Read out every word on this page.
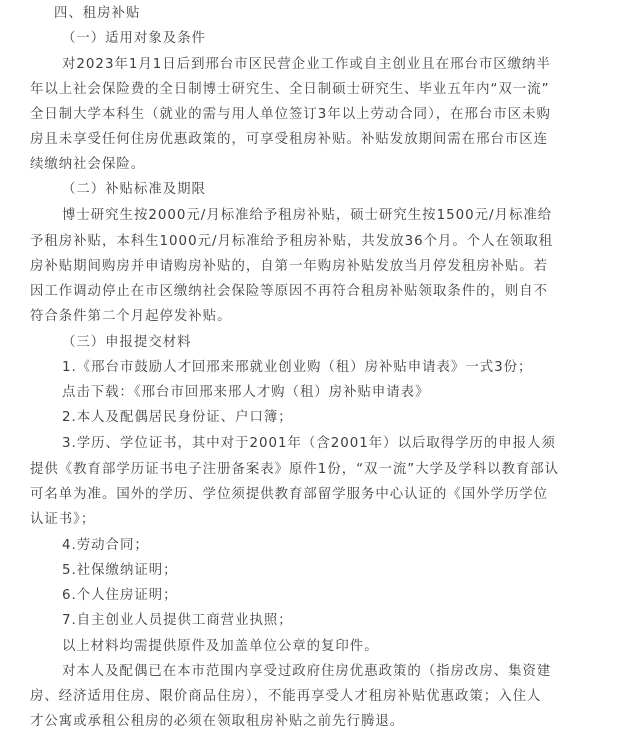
四、租房补贴
（一）适用对象及条件
对2023年1月1日后到邢台市区民营企业工作或自主创业且在邢台市区缴纳半
年以上社会保险费的全日制博士研究生、全日制硕士研究生、毕业五年内“双一流”
全日制大学本科生（就业的需与用人单位签订3年以上劳动合同），在邢台市区未购
房且未享受任何住房优惠政策的，可享受租房补贴。补贴发放期间需在邢台市区连
续缴纳社会保险。
（二）补贴标准及期限
博士研究生按2000元/月标准给予租房补贴，硕士研究生按1500元/月标准给
予租房补贴，本科生1000元/月标准给予租房补贴，共发放36个月。个人在领取租
房补贴期间购房并申请购房补贴的，自第一年购房补贴发放当月停发租房补贴。若
因工作调动停止在市区缴纳社会保险等原因不再符合租房补贴领取条件的，则自不
符合条件第二个月起停发补贴。
（三）申报提交材料
1.《邢台市鼓励人才回邢来邢就业创业购（租）房补贴申请表》一式3份；
点击下载：《邢台市回邢来邢人才购（租）房补贴申请表》
2.本人及配偶居民身份证、户口簿；
3.学历、学位证书，其中对于2001年（含2001年）以后取得学历的申报人须
提供《教育部学历证书电子注册备案表》原件1份，“双一流”大学及学科以教育部认
可名单为准。国外的学历、学位须提供教育部留学服务中心认证的《国外学历学位
认证书》；
4.劳动合同；
5.社保缴纳证明；
6.个人住房证明；
7.自主创业人员提供工商营业执照；
以上材料均需提供原件及加盖单位公章的复印件。
对本人及配偶已在本市范围内享受过政府住房优惠政策的（指房改房、集资建
房、经济适用住房、限价商品住房），不能再享受人才租房补贴优惠政策；入住人
才公寓或承租公租房的必须在领取租房补贴之前先行腾退。
